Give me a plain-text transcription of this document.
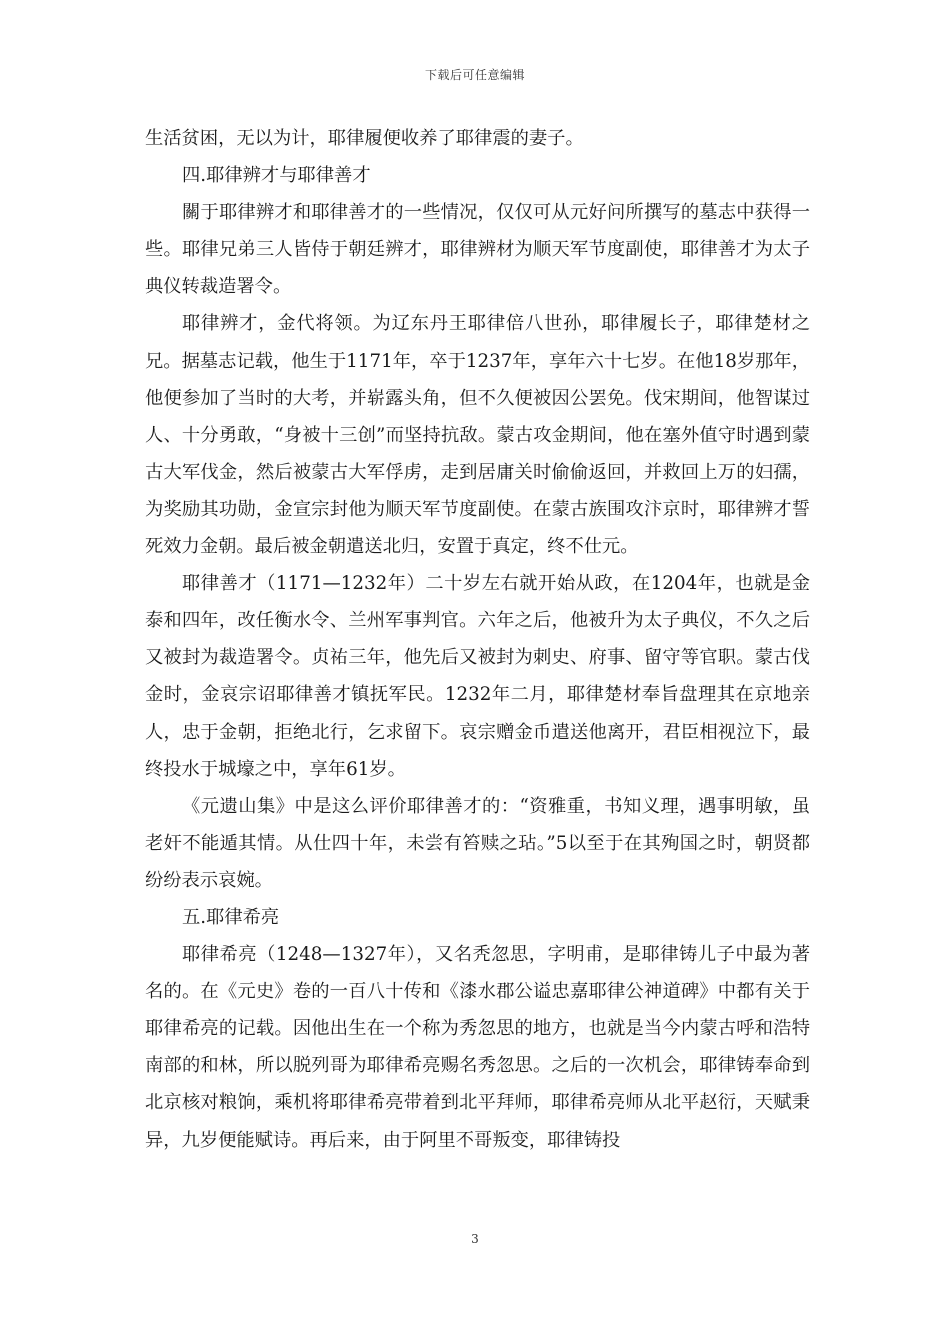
下载后可任意编辑

生活贫困，无以为计，耶律履便收养了耶律震的妻子。

四.耶律辨才与耶律善才

關于耶律辨才和耶律善才的一些情况，仅仅可从元好问所撰写的墓志中获得一些。耶律兄弟三人皆侍于朝廷辨才，耶律辨材为顺天军节度副使，耶律善才为太子典仪转裁造署令。

耶律辨才，金代将领。为辽东丹王耶律倍八世孙，耶律履长子，耶律楚材之兄。据墓志记载，他生于1171年，卒于1237年，享年六十七岁。在他18岁那年，他便参加了当时的大考，并崭露头角，但不久便被因公罢免。伐宋期间，他智谋过人、十分勇敢，“身被十三创”而坚持抗敌。蒙古攻金期间，他在塞外值守时遇到蒙古大军伐金，然后被蒙古大军俘虏，走到居庸关时偷偷返回，并救回上万的妇孺，为奖励其功勋，金宣宗封他为顺天军节度副使。在蒙古族围攻汴京时，耶律辨才誓死效力金朝。最后被金朝遣送北归，安置于真定，终不仕元。

耶律善才（1171—1232年）二十岁左右就开始从政，在1204年，也就是金泰和四年，改任衡水令、兰州军事判官。六年之后，他被升为太子典仪，不久之后又被封为裁造署令。贞祐三年，他先后又被封为刺史、府事、留守等官职。蒙古伐金时，金哀宗诏耶律善才镇抚军民。1232年二月，耶律楚材奉旨盘理其在京地亲人，忠于金朝，拒绝北行，乞求留下。哀宗赠金币遣送他离开，君臣相视泣下，最终投水于城壕之中，享年61岁。

《元遗山集》中是这么评价耶律善才的：“资雅重，书知义理，遇事明敏，虽老奸不能遁其情。从仕四十年，未尝有笞赎之玷。”5以至于在其殉国之时，朝贤都纷纷表示哀婉。

五.耶律希亮

耶律希亮（1248—1327年），又名秃忽思，字明甫，是耶律铸儿子中最为著名的。在《元史》卷的一百八十传和《漆水郡公谥忠嘉耶律公神道碑》中都有关于耶律希亮的记载。因他出生在一个称为秀忽思的地方，也就是当今内蒙古呼和浩特南部的和林，所以脱列哥为耶律希亮赐名秀忽思。之后的一次机会，耶律铸奉命到北京核对粮饷，乘机将耶律希亮带着到北平拜师，耶律希亮师从北平赵衍，天赋秉异，九岁便能赋诗。再后来，由于阿里不哥叛变，耶律铸投

3
